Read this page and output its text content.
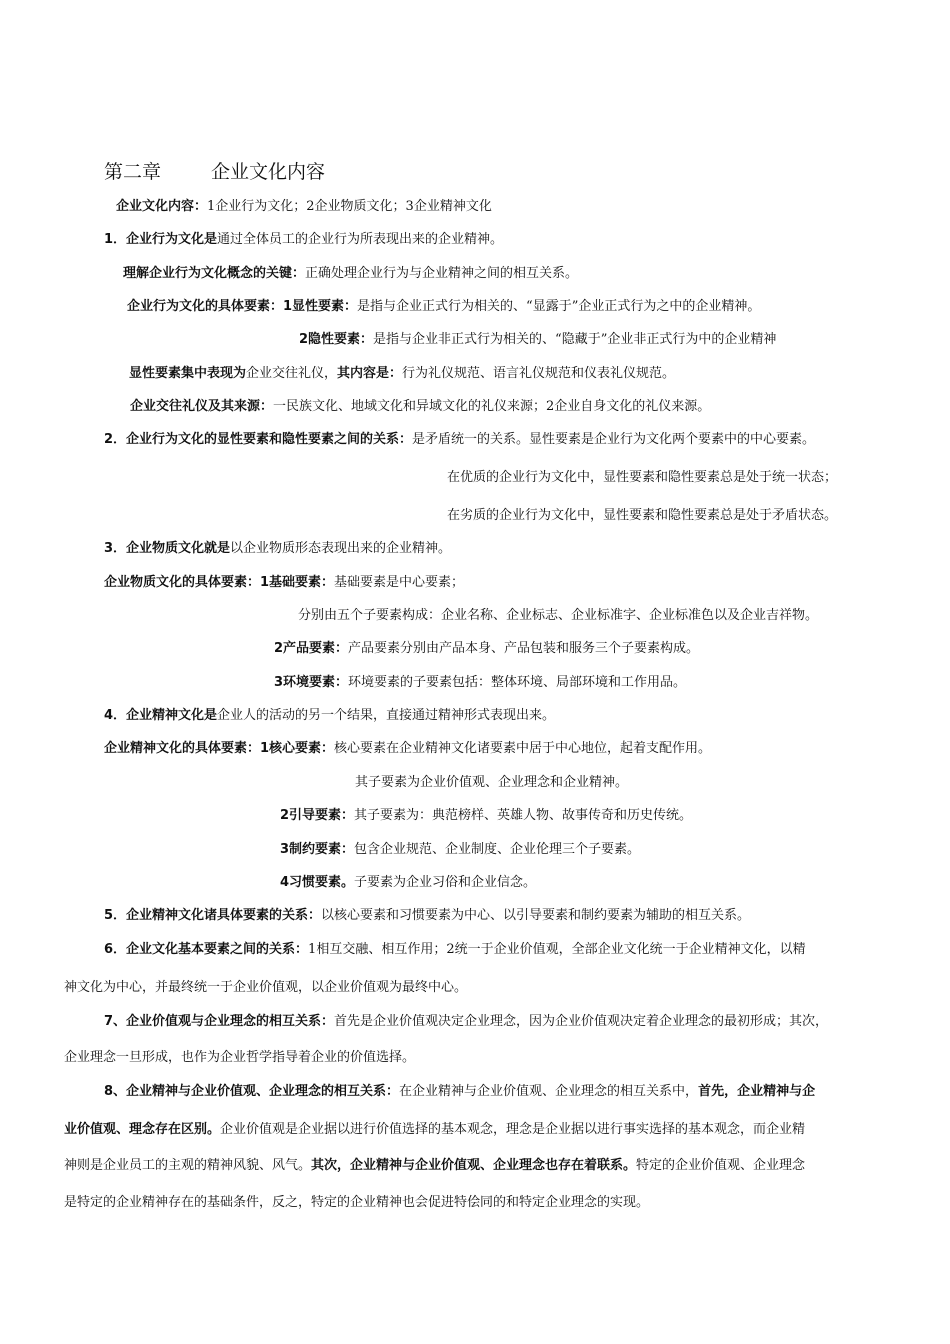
第二章	企业文化内容
企业文化内容：1企业行为文化；2企业物质文化；3企业精神文化
1．企业行为文化是通过全体员工的企业行为所表现出来的企业精神。
理解企业行为文化概念的关键：正确处理企业行为与企业精神之间的相互关系。
企业行为文化的具体要素：1显性要素：是指与企业正式行为相关的、“显露于”企业正式行为之中的企业精神。
2隐性要素：是指与企业非正式行为相关的、“隐藏于”企业非正式行为中的企业精神
显性要素集中表现为企业交往礼仪，其内容是：行为礼仪规范、语言礼仪规范和仪表礼仪规范。
企业交往礼仪及其来源：一民族文化、地域文化和异域文化的礼仪来源；2企业自身文化的礼仪来源。
2．企业行为文化的显性要素和隐性要素之间的关系：是矛盾统一的关系。显性要素是企业行为文化两个要素中的中心要素。
在优质的企业行为文化中，显性要素和隐性要素总是处于统一状态；
在劣质的企业行为文化中，显性要素和隐性要素总是处于矛盾状态。
3．企业物质文化就是以企业物质形态表现出来的企业精神。
企业物质文化的具体要素：1基础要素：基础要素是中心要素；
分别由五个子要素构成：企业名称、企业标志、企业标准字、企业标准色以及企业吉祥物。
2产品要素：产品要素分别由产品本身、产品包装和服务三个子要素构成。
3环境要素：环境要素的子要素包括：整体环境、局部环境和工作用品。
4．企业精神文化是企业人的活动的另一个结果，直接通过精神形式表现出来。
企业精神文化的具体要素：1核心要素：核心要素在企业精神文化诸要素中居于中心地位，起着支配作用。
其子要素为企业价值观、企业理念和企业精神。
2引导要素：其子要素为：典范榜样、英雄人物、故事传奇和历史传统。
3制约要素：包含企业规范、企业制度、企业伦理三个子要素。
4习惯要素。子要素为企业习俗和企业信念。
5．企业精神文化诸具体要素的关系：以核心要素和习惯要素为中心、以引导要素和制约要素为辅助的相互关系。
6．企业文化基本要素之间的关系：1相互交融、相互作用；2统一于企业价值观，全部企业文化统一于企业精神文化，以精
神文化为中心，并最终统一于企业价值观，以企业价值观为最终中心。
7、企业价值观与企业理念的相互关系：首先是企业价值观决定企业理念，因为企业价值观决定着企业理念的最初形成；其次，
企业理念一旦形成，也作为企业哲学指导着企业的价值选择。
8、企业精神与企业价值观、企业理念的相互关系：在企业精神与企业价值观、企业理念的相互关系中，首先，企业精神与企
业价值观、理念存在区别。企业价值观是企业据以进行价值选择的基本观念，理念是企业据以进行事实选择的基本观念，而企业精
神则是企业员工的主观的精神风貌、风气。其次，企业精神与企业价值观、企业理念也存在着联系。特定的企业价值观、企业理念
是特定的企业精神存在的基础条件，反之，特定的企业精神也会促进特侩同的和特定企业理念的实现。
